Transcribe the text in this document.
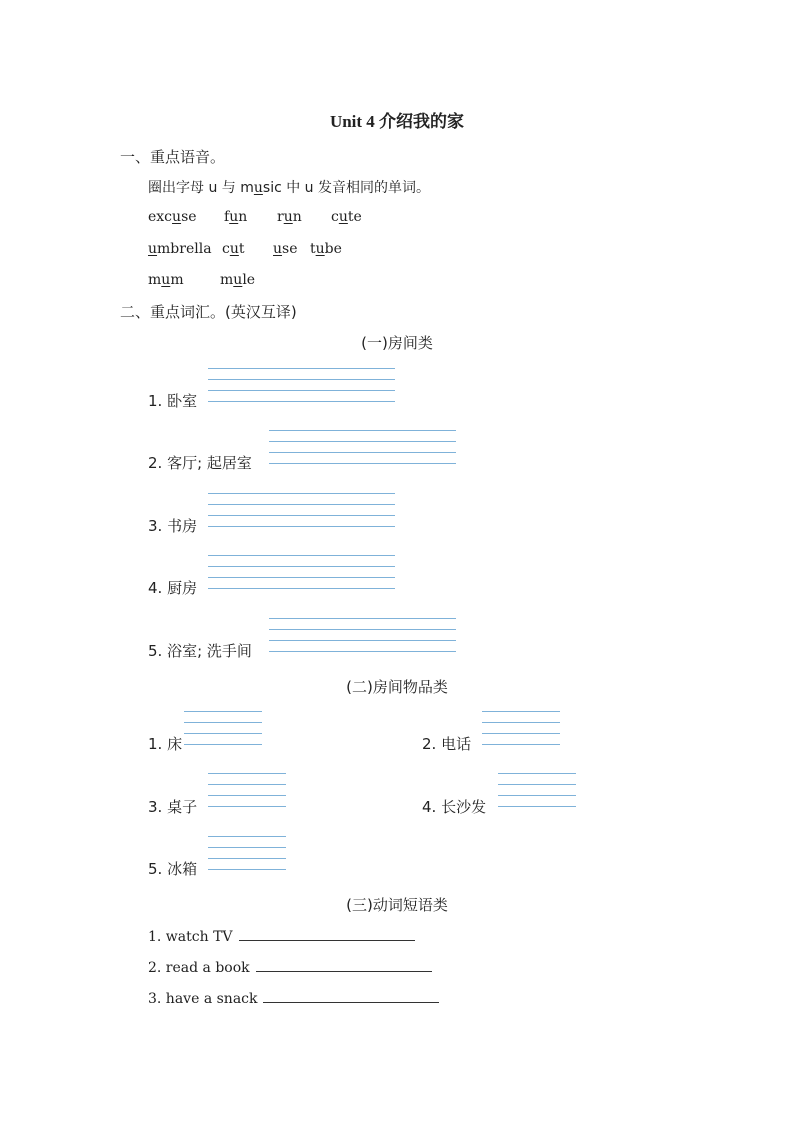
Unit 4 介绍我的家
一、重点语音。
圈出字母 u 与 music 中 u 发音相同的单词。
excuse fun run cute
umbrella cut use tube
mum	mule
二、重点词汇。(英汉互译)
(一)房间类
1. 卧室
2. 客厅; 起居室
3. 书房
4. 厨房
5. 浴室; 洗手间
(二)房间物品类
1. 床	2. 电话
3. 桌子	4. 长沙发
5. 冰箱
(三)动词短语类
1. watch TV
2. read a book
3. have a snack
